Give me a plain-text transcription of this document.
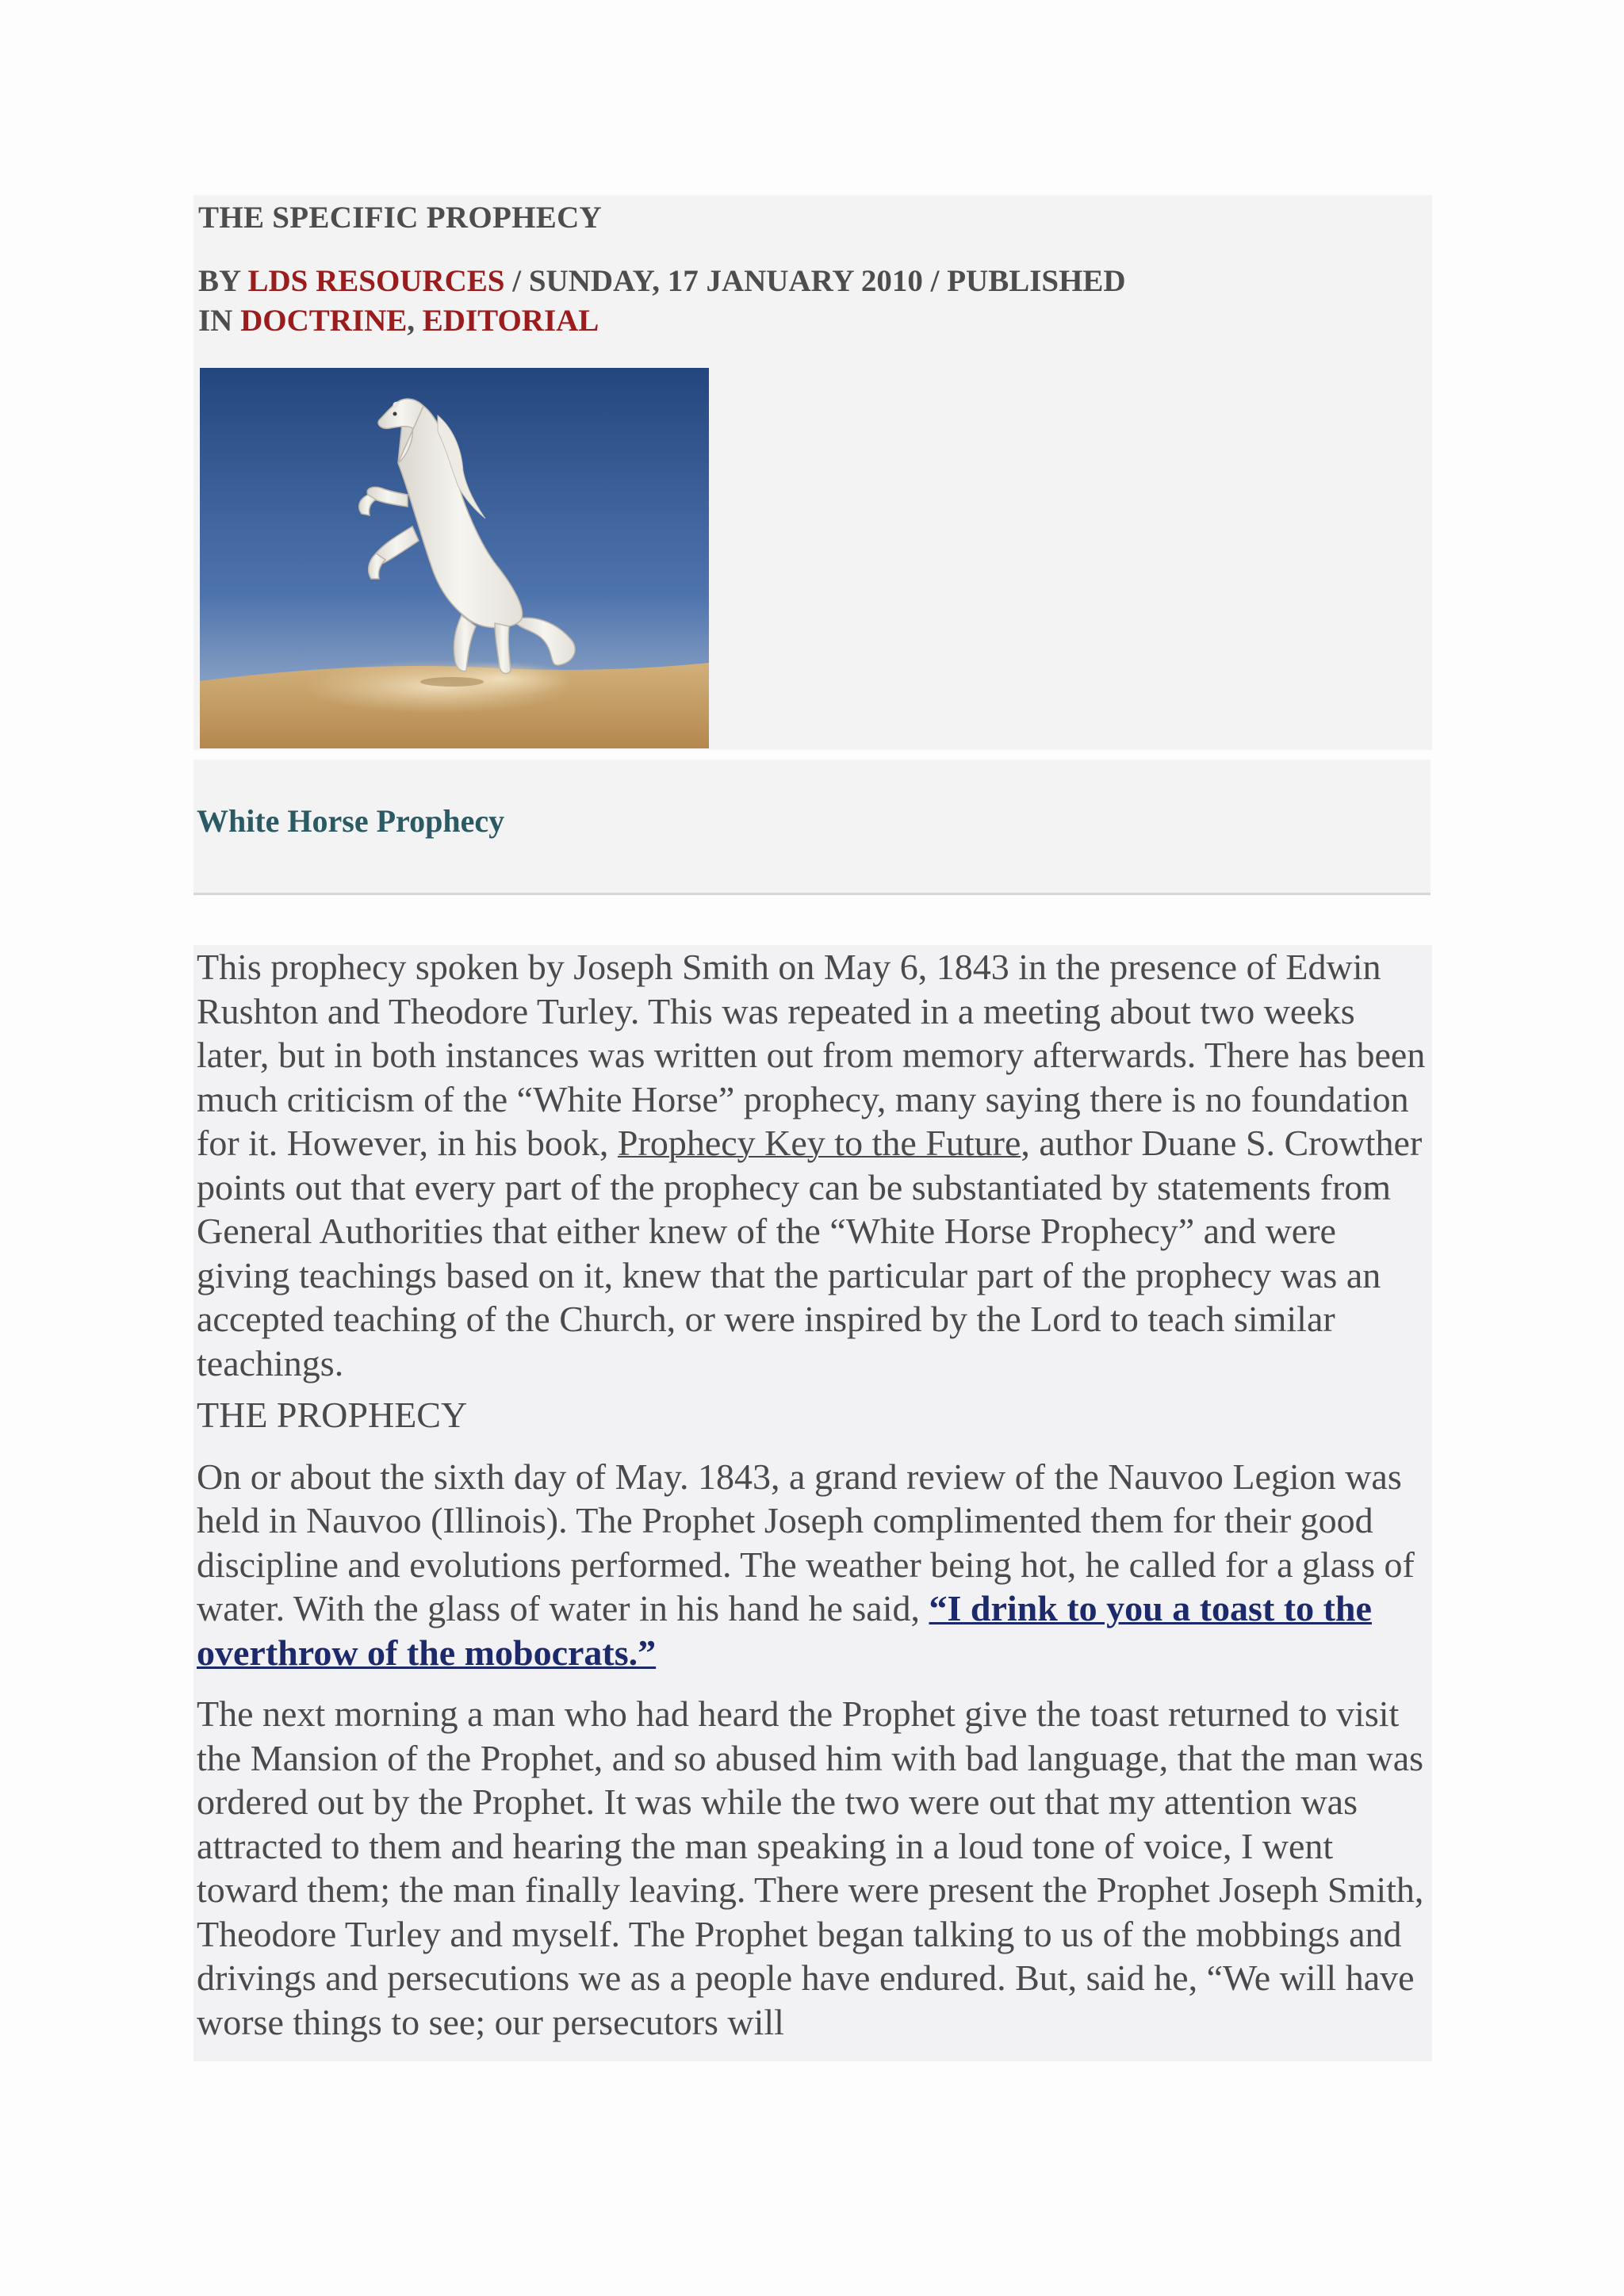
THE SPECIFIC PROPHECY

BY LDS RESOURCES / SUNDAY, 17 JANUARY 2010 / PUBLISHED
IN DOCTRINE, EDITORIAL

White Horse Prophecy

This prophecy spoken by Joseph Smith on May 6, 1843 in the presence of Edwin Rushton and Theodore Turley. This was repeated in a meeting about two weeks later, but in both instances was written out from memory afterwards. There has been much criticism of the “White Horse” prophecy, many saying there is no foundation for it. However, in his book, Prophecy Key to the Future, author Duane S. Crowther points out that every part of the prophecy can be substantiated by statements from General Authorities that either knew of the “White Horse Prophecy” and were giving teachings based on it, knew that the particular part of the prophecy was an accepted teaching of the Church, or were inspired by the Lord to teach similar teachings.

THE PROPHECY

On or about the sixth day of May. 1843, a grand review of the Nauvoo Legion was held in Nauvoo (Illinois). The Prophet Joseph complimented them for their good discipline and evolutions performed. The weather being hot, he called for a glass of water. With the glass of water in his hand he said, “I drink to you a toast to the overthrow of the mobocrats.”

The next morning a man who had heard the Prophet give the toast returned to visit the Mansion of the Prophet, and so abused him with bad language, that the man was ordered out by the Prophet. It was while the two were out that my attention was attracted to them and hearing the man speaking in a loud tone of voice, I went toward them; the man finally leaving. There were present the Prophet Joseph Smith, Theodore Turley and myself. The Prophet began talking to us of the mobbings and drivings and persecutions we as a people have endured. But, said he, “We will have worse things to see; our persecutors will
